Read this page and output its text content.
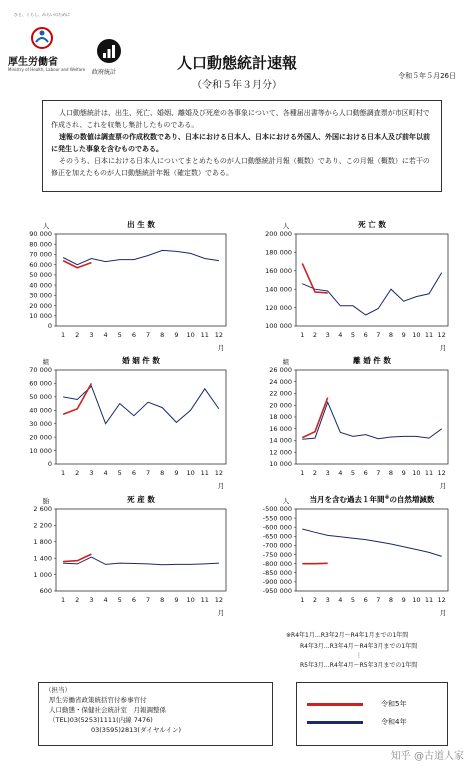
ひと、くらし、みらいのために
厚生労働省
Ministry of Health, Labour and Welfare 政府統計
人口動態統計速報
（令和５年３月分）
令和５年５月26日

人口動態統計は、出生、死亡、婚姻、離婚及び死産の各事象について、各種届出書等から人口動態調査票が市区町村で作成され、これを収集し集計したものである。

速報の数値は調査票の作成枚数であり、日本における日本人、日本における外国人、外国における日本人及び前年以前に発生した事象を含むものである。

そのうち、日本における日本人についてまとめたものが人口動態統計月報（概数）であり、この月報（概数）に若干の修正を加えたものが人口動態統計年報（確定数）である。

0
10 000
20 000
30 000
40 000
50 000
60 000
70 000
80 000
90 000
1 2 3 4 5 6 7 8 9 10 11 12
月
人	出 生 数
100 000
120 000
140 000
160 000
180 000
200 000
1 2 3 4 5 6 7 8 9 10 11 12
月
人	死 亡 数
0
10 000
20 000
30 000
40 000
50 000
60 000
70 000
1 2 3 4 5 6 7 8 9 10 11 12
月
組	婚 姻 件 数
10 000
12 000
14 000
16 000
18 000
20 000
22 000
24 000
26 000
1 2 3 4 5 6 7 8 9 10 11 12
月
組	離 婚 件 数
600
1 000
1 400
1 800
2 200
2 600
1 2 3 4 5 6 7 8 9 10 11 12
月
胎	死 産 数
-950 000
-900 000
-850 000
-800 000
-750 000
-700 000
-650 000
-600 000
-550 000
-500 000
1 2 3 4 5 6 7 8 9 10 11 12
月
人	当月を含む過去１年間※の自然増減数
※R4年1月…R3年2月～R4年1月までの1年間
R4年3月…R3年4月～R4年3月までの1年間
⋮
R5年3月…R4年4月～R5年3月までの1年間
（担当）
厚生労働省政策統括官付参事官付
人口動態・保健社会統計室　月報調整係
（TEL)03(5253)1111(内線 7476)
03(3595)2813(ダイヤルイン)
令和5年
令和4年
知乎 @古道人家
